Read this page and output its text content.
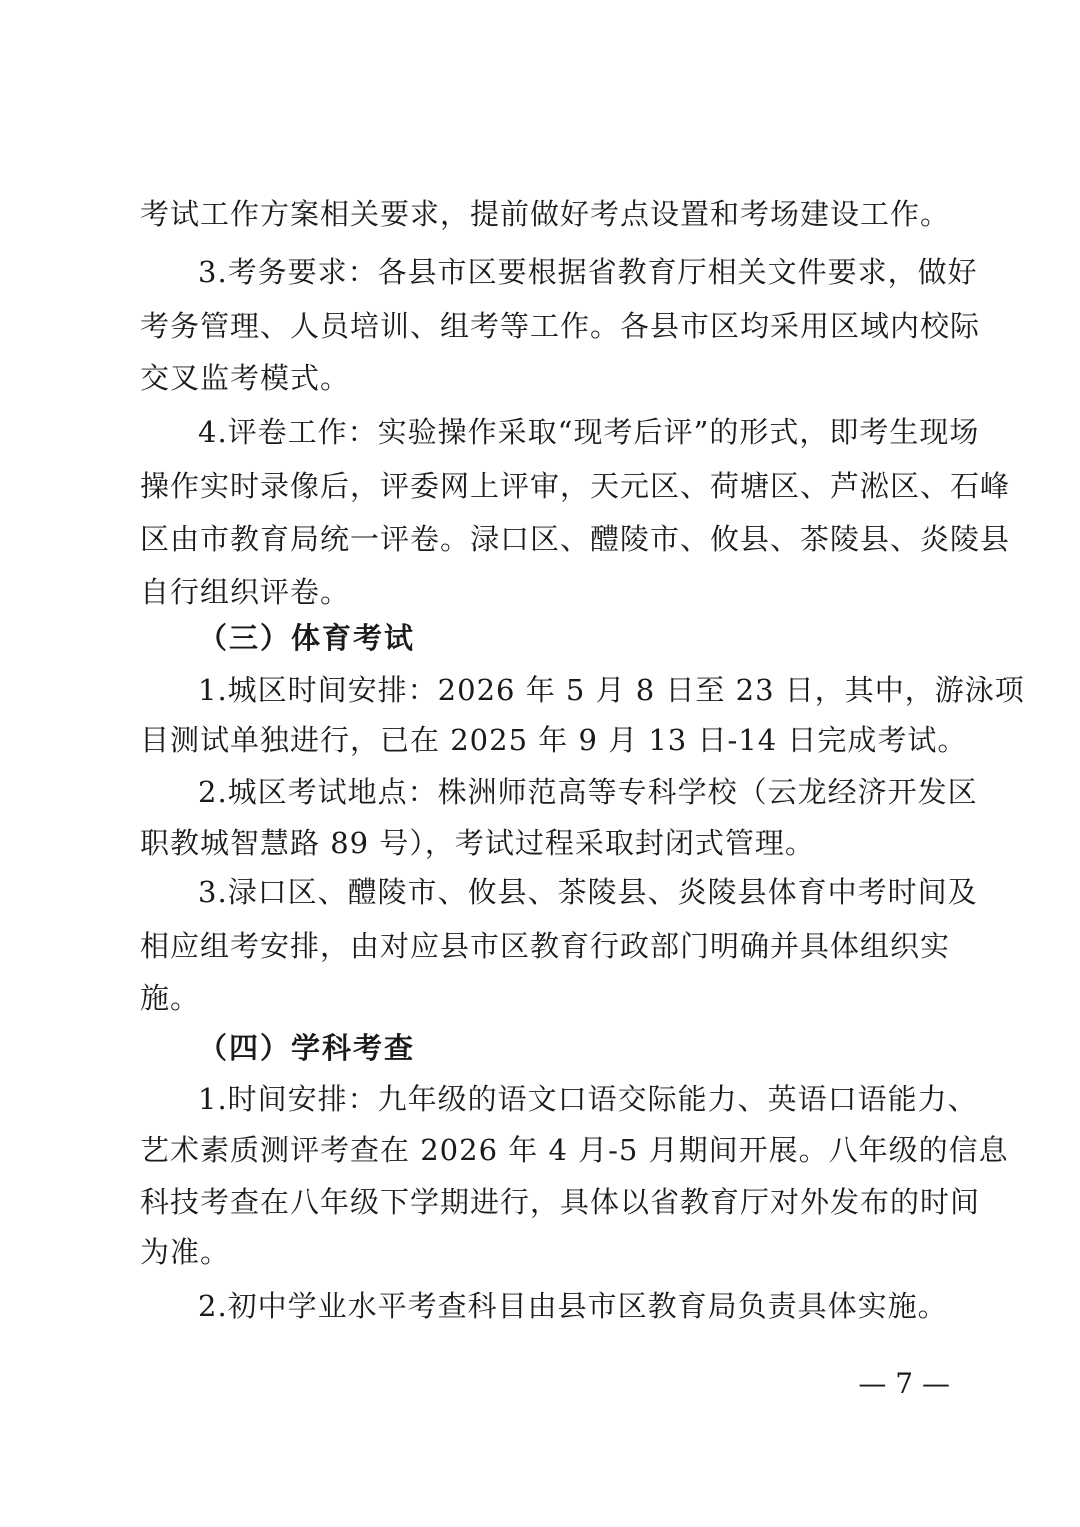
考试工作方案相关要求，提前做好考点设置和考场建设工作。
3.考务要求：各县市区要根据省教育厅相关文件要求，做好
考务管理、人员培训、组考等工作。各县市区均采用区域内校际
交叉监考模式。
4.评卷工作：实验操作采取“现考后评”的形式，即考生现场
操作实时录像后，评委网上评审，天元区、荷塘区、芦淞区、石峰
区由市教育局统一评卷。渌口区、醴陵市、攸县、茶陵县、炎陵县
自行组织评卷。
（三）体育考试
1.城区时间安排：2026 年 5 月 8 日至 23 日，其中，游泳项
目测试单独进行，已在 2025 年 9 月 13 日-14 日完成考试。
2.城区考试地点：株洲师范高等专科学校（云龙经济开发区
职教城智慧路 89 号），考试过程采取封闭式管理。
3.渌口区、醴陵市、攸县、茶陵县、炎陵县体育中考时间及
相应组考安排，由对应县市区教育行政部门明确并具体组织实
施。
（四）学科考查
1.时间安排：九年级的语文口语交际能力、英语口语能力、
艺术素质测评考查在 2026 年 4 月-5 月期间开展。八年级的信息
科技考查在八年级下学期进行，具体以省教育厅对外发布的时间
为准。
2.初中学业水平考查科目由县市区教育局负责具体实施。
— 7 —
